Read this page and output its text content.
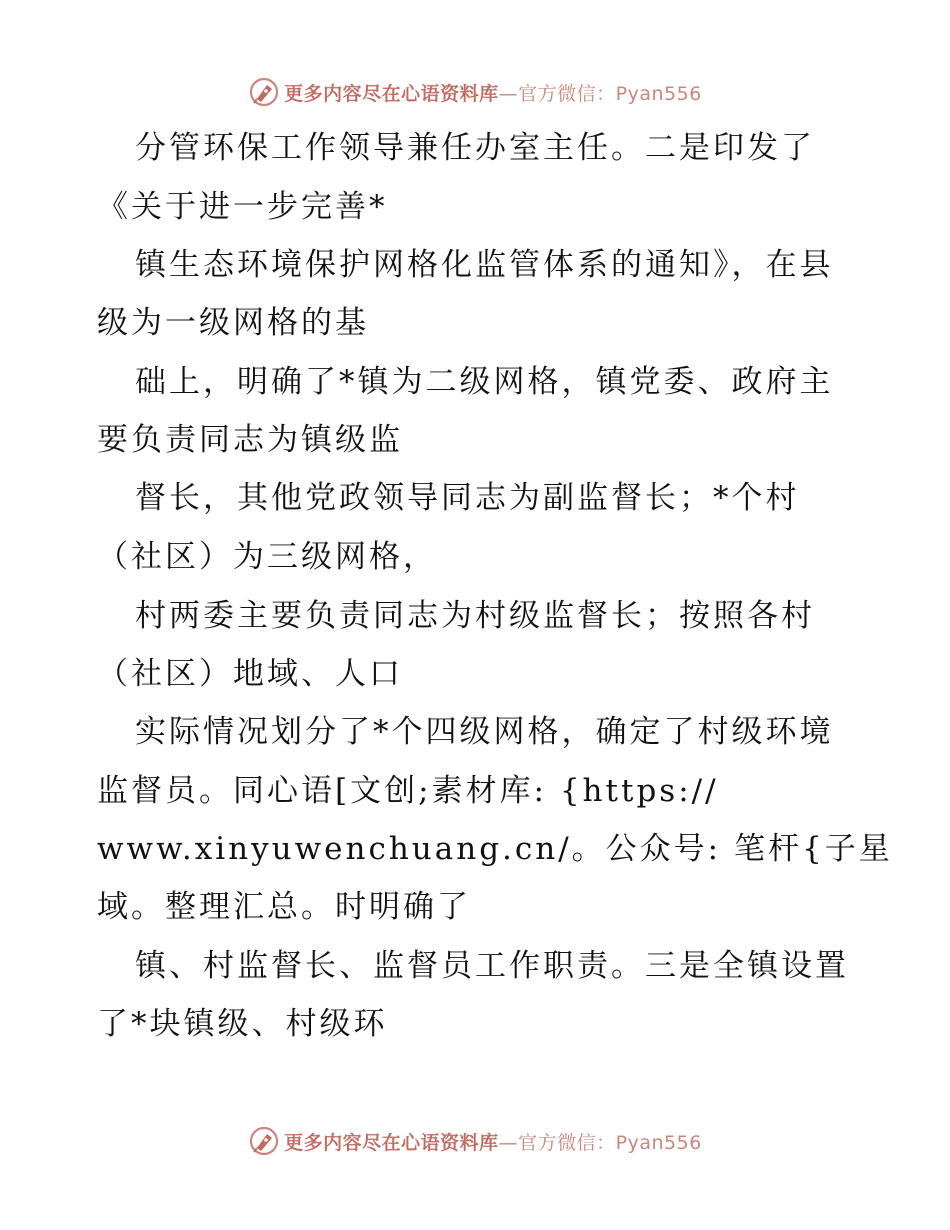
更多内容尽在心语资料库—官方微信：Pyan556
分管环保工作领导兼任办室主任。二是印发了
《关于进一步完善*
镇生态环境保护网格化监管体系的通知》，在县
级为一级网格的基
础上，明确了*镇为二级网格，镇党委、政府主
要负责同志为镇级监
督长，其他党政领导同志为副监督长；*个村
（社区）为三级网格，
村两委主要负责同志为村级监督长；按照各村
（社区）地域、人口
实际情况划分了*个四级网格，确定了村级环境
监督员。同心语[文创;素材库: {https://
www.xinyuwenchuang.cn/。公众号: 笔杆{子星
域。整理汇总。时明确了
镇、村监督长、监督员工作职责。三是全镇设置
了*块镇级、村级环
更多内容尽在心语资料库—官方微信：Pyan556
